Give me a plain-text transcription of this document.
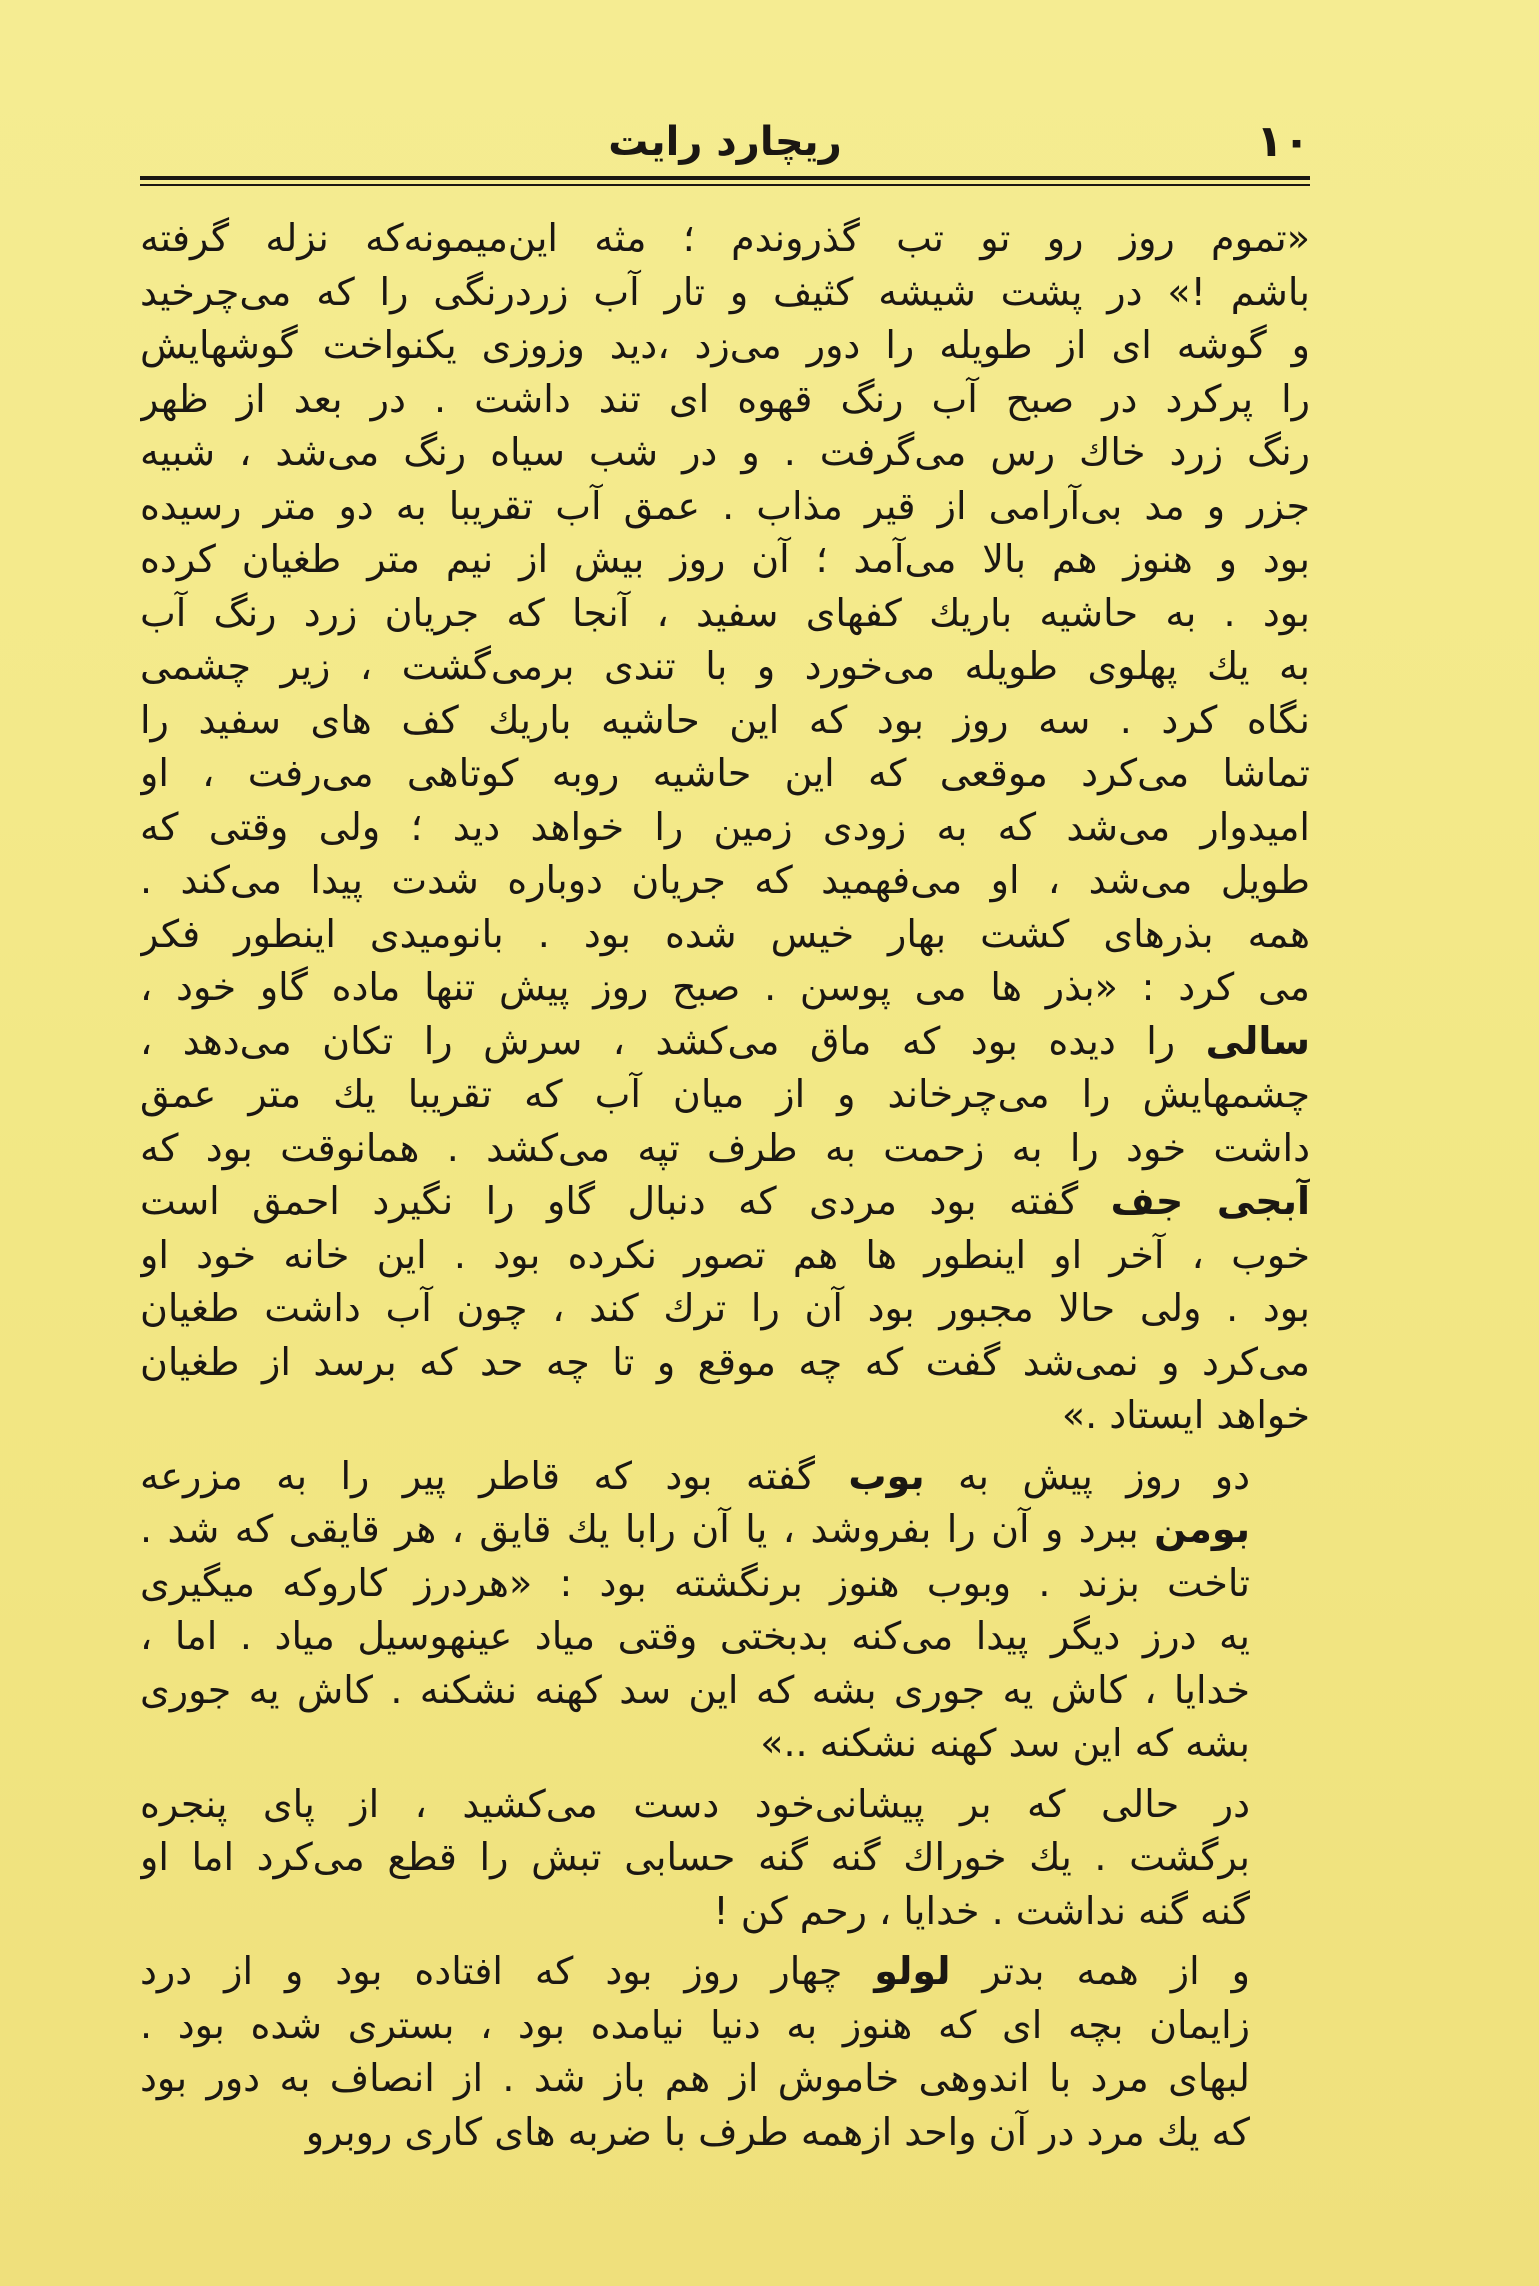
۱۰
ریچارد رایت
«تموم روز رو تو تب گذروندم ؛ مثه این‌میمونه‌که نزله گرفته
باشم !» در پشت شیشه کثیف و تار آب زردرنگی را که می‌چرخید
و گوشه ای از طویله را دور می‌زد ،دید وزوزی یکنواخت گوشهایش
را پرکرد در صبح آب رنگ قهوه ای تند داشت . در بعد از ظهر
رنگ زرد خاك رس می‌گرفت . و در شب سیاه رنگ می‌شد ، شبیه
جزر و مد بی‌آرامی از قیر مذاب . عمق آب تقریبا به دو متر رسیده
بود و هنوز هم بالا می‌آمد ؛ آن روز بیش از نیم متر طغیان کرده
بود . به حاشیه باریك کفهای سفید ، آنجا که جریان زرد رنگ آب
به یك پهلوی طویله می‌خورد و با تندی برمی‌گشت ، زیر چشمی
نگاه کرد . سه روز بود که این حاشیه باریك کف های سفید را
تماشا می‌کرد موقعی که این حاشیه روبه کوتاهی می‌رفت ، او
امیدوار می‌شد که به زودی زمین را خواهد دید ؛ ولی وقتی که
طویل می‌شد ، او می‌فهمید که جریان دوباره شدت پیدا می‌کند .
همه بذرهای کشت بهار خیس شده بود . بانومیدی اینطور فکر
می کرد : «بذر ها می پوسن . صبح روز پیش تنها ماده گاو خود ،
سالی را دیده بود که ماق می‌کشد ، سرش را تکان می‌دهد ،
چشمهایش را می‌چرخاند و از میان آب که تقریبا یك متر عمق
داشت خود را به زحمت به طرف تپه می‌کشد . همانوقت بود که
آبجی جف گفته بود مردی که دنبال گاو را نگیرد احمق است
خوب ، آخر او اینطور ها هم تصور نکرده بود . این خانه خود او
بود . ولی حالا مجبور بود آن را ترك کند ، چون آب داشت طغیان
می‌کرد و نمی‌شد گفت که چه موقع و تا چه حد که برسد از طغیان
خواهد ایستاد .»
دو روز پیش به بوب گفته بود که قاطر پیر را به مزرعه
بومن ببرد و آن را بفروشد ، یا آن رابا یك قایق ، هر قایقی که شد .
تاخت بزند . وبوب هنوز برنگشته بود : «هردرز کاروکه میگیری
یه درز دیگر پیدا می‌کنه بدبختی وقتی میاد عینهوسیل میاد . اما ،
خدایا ، کاش یه جوری بشه که این سد کهنه نشکنه . کاش یه جوری
بشه که این سد کهنه نشکنه ..»
در حالی که بر پیشانی‌خود دست می‌کشید ، از پای پنجره
برگشت . یك خوراك گنه گنه حسابی تبش را قطع می‌کرد اما او
گنه گنه نداشت . خدایا ، رحم کن !
و از همه بدتر لولو چهار روز بود که افتاده بود و از درد
زایمان بچه ای که هنوز به دنیا نیامده بود ، بستری شده بود .
لبهای مرد با اندوهی خاموش از هم باز شد . از انصاف به دور بود
که یك مرد در آن واحد ازهمه طرف با ضربه های کاری روبرو
